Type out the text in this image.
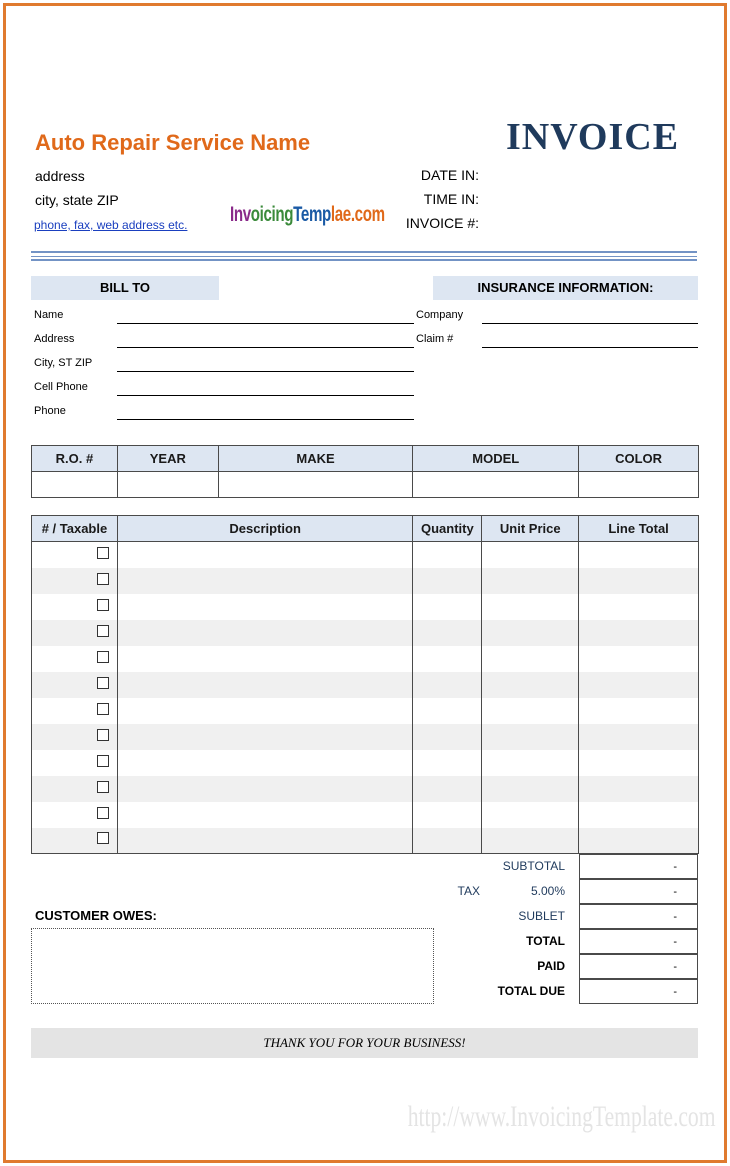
Auto Repair Service Name
address
city, state ZIP
phone, fax, web address etc. InvoicingTemplae.com
INVOICE
DATE IN:
TIME IN:
INVOICE #:
BILL TO
Name
Address
City, ST ZIP
Cell Phone
Phone
INSURANCE INFORMATION:
Company
Claim #
R.O. #	YEAR	MAKE	MODEL	COLOR

# / Taxable	Description	Quantity	Unit Price	Line Total

SUBTOTAL	-
TAX	5.00%	-
SUBLET	-
TOTAL	-
PAID	-
TOTAL DUE	-
CUSTOMER OWES:
THANK YOU FOR YOUR BUSINESS!
http://www.InvoicingTemplate.com
